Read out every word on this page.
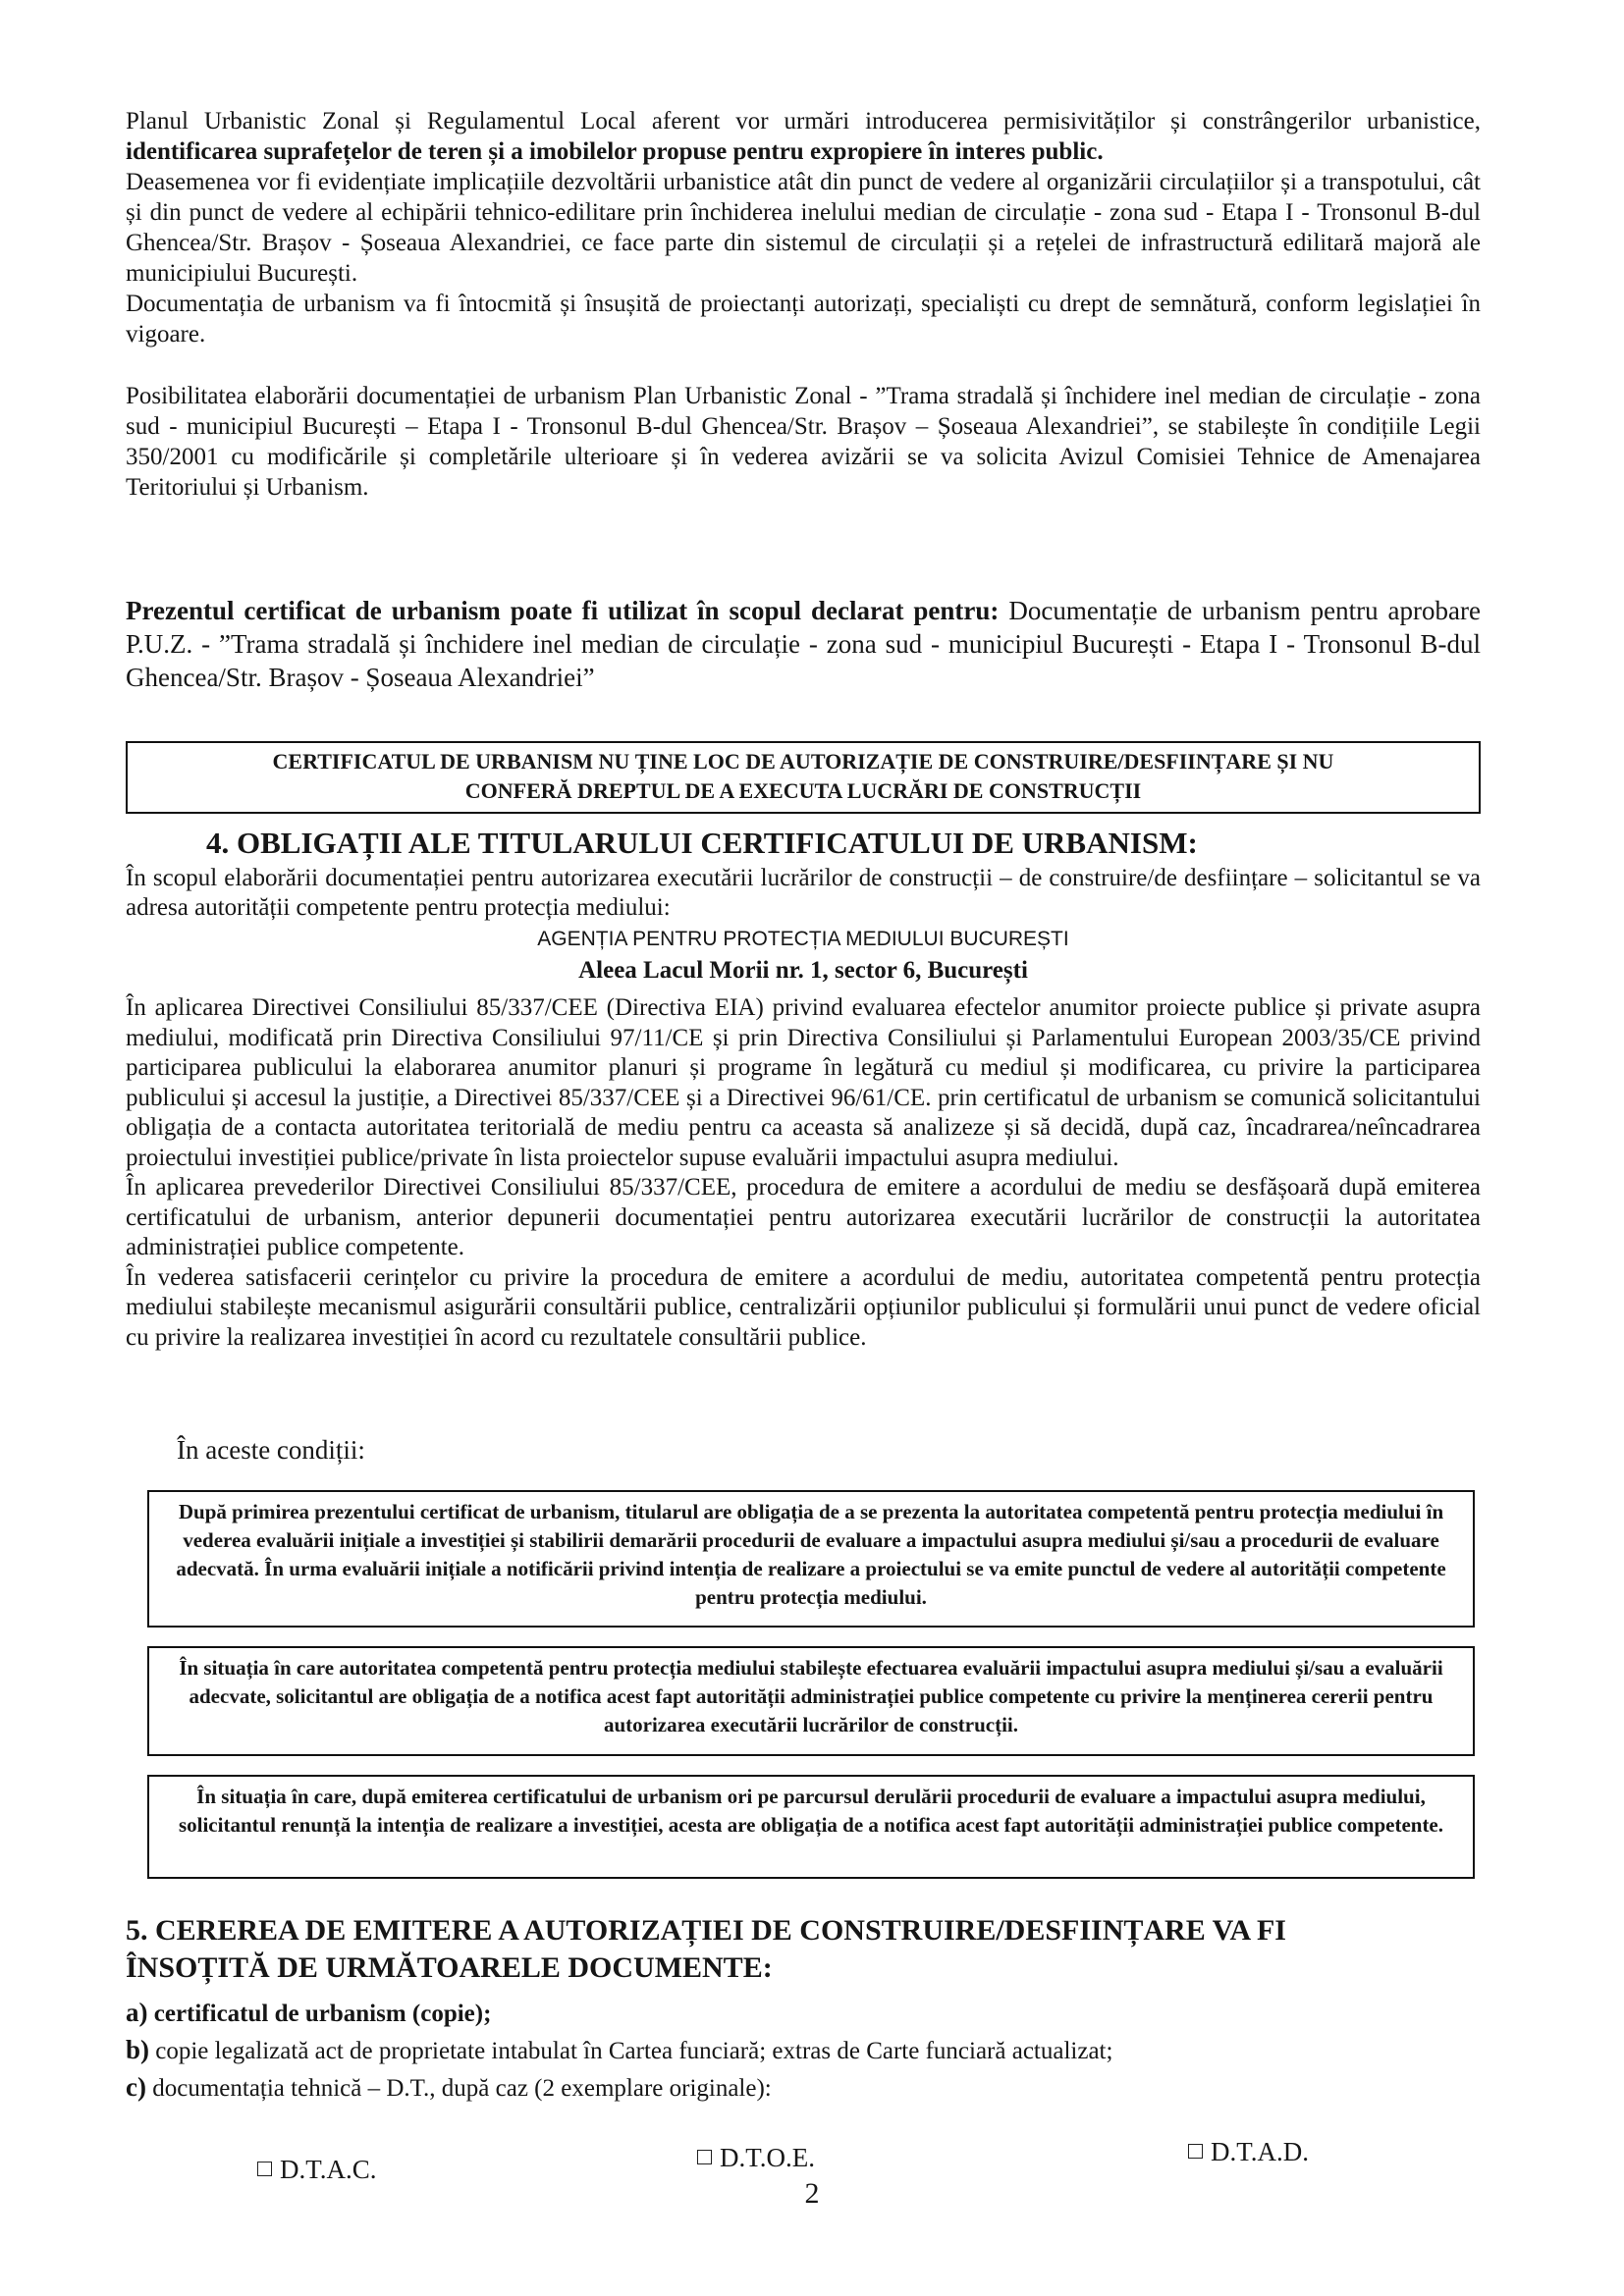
Planul Urbanistic Zonal și Regulamentul Local aferent vor urmări introducerea permisivităților și constrângerilor urbanistice, identificarea suprafețelor de teren și a imobilelor propuse pentru expropiere în interes public.

Deasemenea vor fi evidențiate implicațiile dezvoltării urbanistice atât din punct de vedere al organizării circulațiilor și a transpotului, cât și din punct de vedere al echipării tehnico-edilitare prin închiderea inelului median de circulație - zona sud - Etapa I - Tronsonul B-dul Ghencea/Str. Brașov - Șoseaua Alexandriei, ce face parte din sistemul de circulații și a rețelei de infrastructură edilitară majoră ale municipiului București.

Documentația de urbanism va fi întocmită și însușită de proiectanți autorizați, specialiști cu drept de semnătură, conform legislației în vigoare.

Posibilitatea elaborării documentației de urbanism Plan Urbanistic Zonal - ”Trama stradală și închidere inel median de circulație - zona sud - municipiul București – Etapa I - Tronsonul B-dul Ghencea/Str. Brașov – Șoseaua Alexandriei”, se stabilește în condițiile Legii 350/2001 cu modificările și completările ulterioare și în vederea avizării se va solicita Avizul Comisiei Tehnice de Amenajarea Teritoriului și Urbanism.

Prezentul certificat de urbanism poate fi utilizat în scopul declarat pentru: Documentație de urbanism pentru aprobare P.U.Z. - ”Trama stradală și închidere inel median de circulație - zona sud - municipiul București - Etapa I - Tronsonul B-dul Ghencea/Str. Brașov - Șoseaua Alexandriei”

CERTIFICATUL DE URBANISM NU ȚINE LOC DE AUTORIZAȚIE DE CONSTRUIRE/DESFIINȚARE ȘI NU

CONFERĂ DREPTUL DE A EXECUTA LUCRĂRI DE CONSTRUCȚII

4. OBLIGAȚII ALE TITULARULUI CERTIFICATULUI DE URBANISM:

În scopul elaborării documentației pentru autorizarea executării lucrărilor de construcții – de construire/de desființare – solicitantul se va adresa autorității competente pentru protecția mediului:

AGENȚIA PENTRU PROTECȚIA MEDIULUI BUCUREȘTI
Aleea Lacul Morii nr. 1, sector 6, București

În aplicarea Directivei Consiliului 85/337/CEE (Directiva EIA) privind evaluarea efectelor anumitor proiecte publice și private asupra mediului, modificată prin Directiva Consiliului 97/11/CE și prin Directiva Consiliului și Parlamentului European 2003/35/CE privind participarea publicului la elaborarea anumitor planuri și programe în legătură cu mediul și modificarea, cu privire la participarea publicului și accesul la justiție, a Directivei 85/337/CEE și a Directivei 96/61/CE. prin certificatul de urbanism se comunică solicitantului obligația de a contacta autoritatea teritorială de mediu pentru ca aceasta să analizeze și să decidă, după caz, încadrarea/neîncadrarea proiectului investiției publice/private în lista proiectelor supuse evaluării impactului asupra mediului.

În aplicarea prevederilor Directivei Consiliului 85/337/CEE, procedura de emitere a acordului de mediu se desfășoară după emiterea certificatului de urbanism, anterior depunerii documentației pentru autorizarea executării lucrărilor de construcții la autoritatea administrației publice competente.

În vederea satisfacerii cerințelor cu privire la procedura de emitere a acordului de mediu, autoritatea competentă pentru protecția mediului stabilește mecanismul asigurării consultării publice, centralizării opțiunilor publicului și formulării unui punct de vedere oficial cu privire la realizarea investiției în acord cu rezultatele consultării publice.

În aceste condiții:

După primirea prezentului certificat de urbanism, titularul are obligația de a se prezenta la autoritatea competentă pentru protecția mediului în vederea evaluării inițiale a investiției și stabilirii demarării procedurii de evaluare a impactului asupra mediului și/sau a procedurii de evaluare adecvată. În urma evaluării inițiale a notificării privind intenția de realizare a proiectului se va emite punctul de vedere al autorității competente pentru protecția mediului.

În situația în care autoritatea competentă pentru protecția mediului stabilește efectuarea evaluării impactului asupra mediului și/sau a evaluării adecvate, solicitantul are obligația de a notifica acest fapt autorității administrației publice competente cu privire la menținerea cererii pentru autorizarea executării lucrărilor de construcții.

În situația în care, după emiterea certificatului de urbanism ori pe parcursul derulării procedurii de evaluare a impactului asupra mediului, solicitantul renunță la intenția de realizare a investiției, acesta are obligația de a notifica acest fapt autorității administrației publice competente.

5. CEREREA DE EMITERE A AUTORIZAȚIEI DE CONSTRUIRE/DESFIINȚARE VA FI
ÎNSOȚITĂ DE URMĂTOARELE DOCUMENTE:

a) certificatul de urbanism (copie);

b) copie legalizată act de proprietate intabulat în Cartea funciară; extras de Carte funciară actualizat;

c) documentația tehnică – D.T., după caz (2 exemplare originale):

D.T.A.C.	D.T.O.E.	D.T.A.D.
2
